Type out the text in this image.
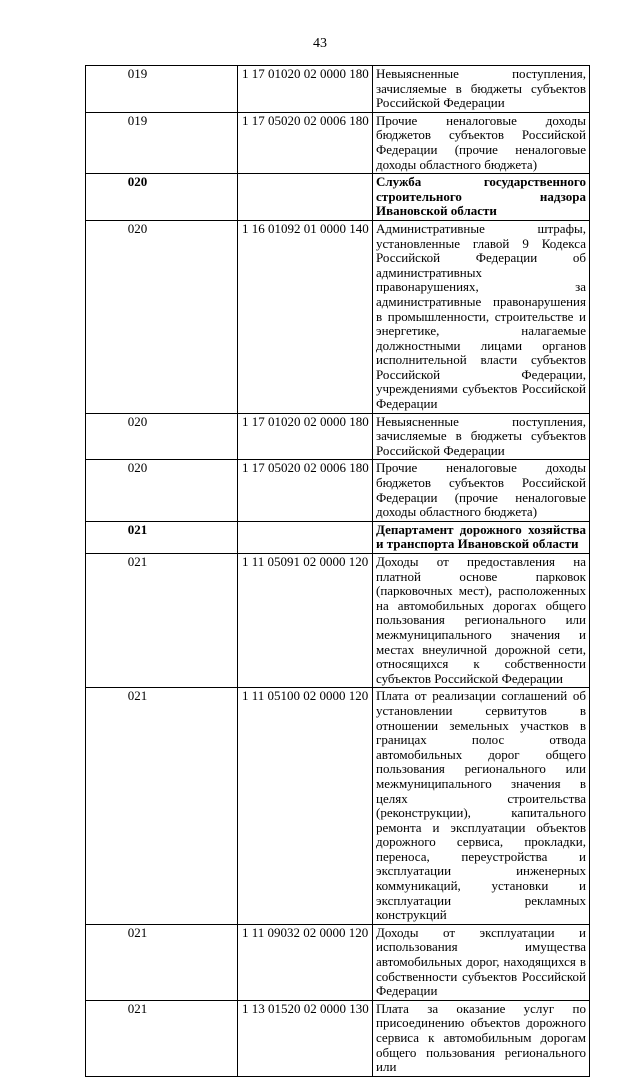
43
019	1 17 01020 02 0000 180	Невыясненные поступления, зачисляемые в бюджеты субъектов Российской Федерации
019	1 17 05020 02 0006 180	Прочие неналоговые доходы бюджетов субъектов Российской Федерации (прочие неналоговые доходы областного бюджета)
020		Служба государственного строительного надзора Ивановской области
020	1 16 01092 01 0000 140	Административные штрафы, установленные главой 9 Кодекса Российской Федерации об административных правонарушениях, за административные правонарушения в промышленности, строительстве и энергетике, налагаемые должностными лицами органов исполнительной власти субъектов Российской Федерации, учреждениями субъектов Российской Федерации
020	1 17 01020 02 0000 180	Невыясненные поступления, зачисляемые в бюджеты субъектов Российской Федерации
020	1 17 05020 02 0006 180	Прочие неналоговые доходы бюджетов субъектов Российской Федерации (прочие неналоговые доходы областного бюджета)
021		Департамент дорожного хозяйства и транспорта Ивановской области
021	1 11 05091 02 0000 120	Доходы от предоставления на платной основе парковок (парковочных мест), расположенных на автомобильных дорогах общего пользования регионального или межмуниципального значения и местах внеуличной дорожной сети, относящихся к собственности субъектов Российской Федерации
021	1 11 05100 02 0000 120	Плата от реализации соглашений об установлении сервитутов в отношении земельных участков в границах полос отвода автомобильных дорог общего пользования регионального или межмуниципального значения в целях строительства (реконструкции), капитального ремонта и эксплуатации объектов дорожного сервиса, прокладки, переноса, переустройства и эксплуатации инженерных коммуникаций, установки и эксплуатации рекламных конструкций
021	1 11 09032 02 0000 120	Доходы от эксплуатации и использования имущества автомобильных дорог, находящихся в собственности субъектов Российской Федерации
021	1 13 01520 02 0000 130	Плата за оказание услуг по присоединению объектов дорожного сервиса к автомобильным дорогам общего пользования регионального или
